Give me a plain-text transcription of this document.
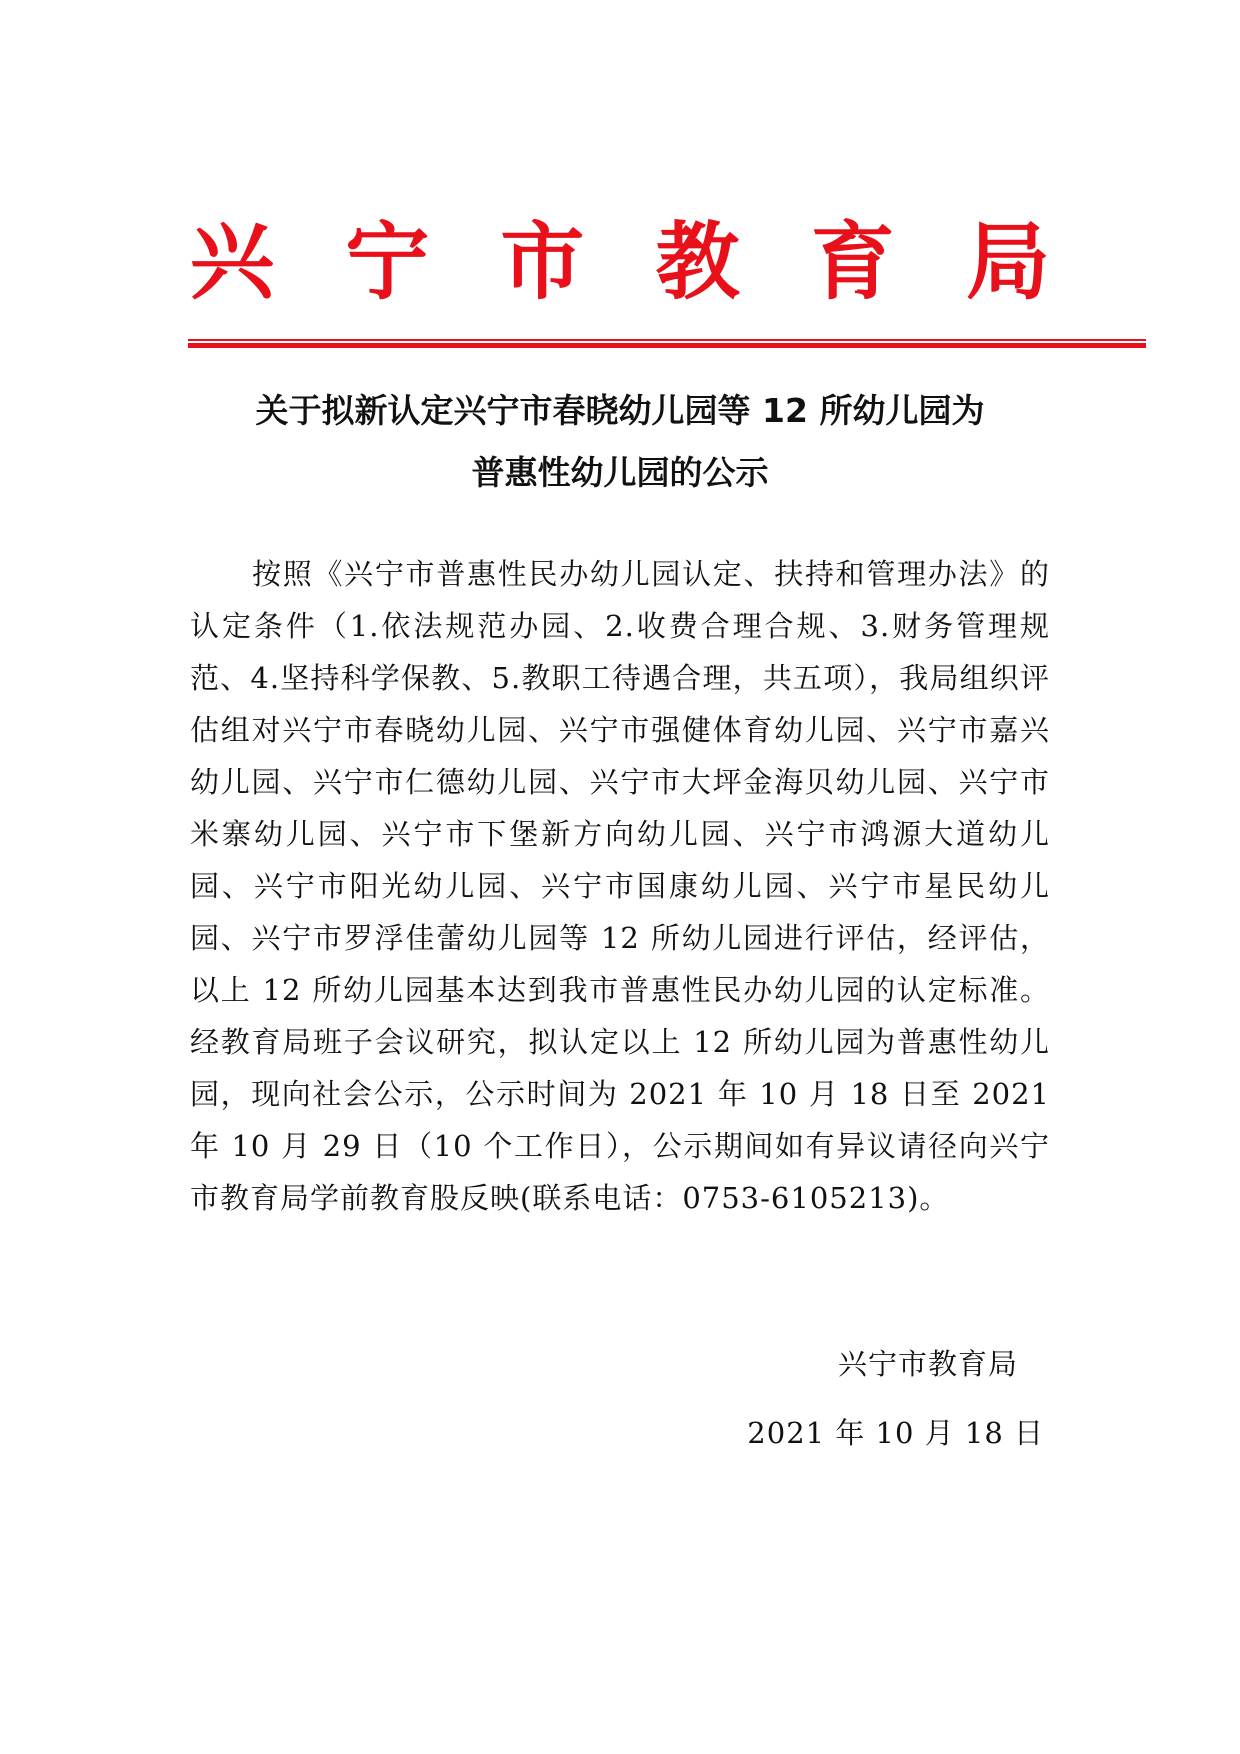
兴 宁 市 教 育 局
关于拟新认定兴宁市春晓幼儿园等 12 所幼儿园为
普惠性幼儿园的公示
按照《兴宁市普惠性民办幼儿园认定、扶持和管理办法》的认定条件（1.依法规范办园、2.收费合理合规、3.财务管理规范、4.坚持科学保教、5.教职工待遇合理，共五项），我局组织评估组对兴宁市春晓幼儿园、兴宁市强健体育幼儿园、兴宁市嘉兴幼儿园、兴宁市仁德幼儿园、兴宁市大坪金海贝幼儿园、兴宁市米寨幼儿园、兴宁市下堡新方向幼儿园、兴宁市鸿源大道幼儿园、兴宁市阳光幼儿园、兴宁市国康幼儿园、兴宁市星民幼儿园、兴宁市罗浮佳蕾幼儿园等 12 所幼儿园进行评估，经评估，以上 12 所幼儿园基本达到我市普惠性民办幼儿园的认定标准。经教育局班子会议研究，拟认定以上 12 所幼儿园为普惠性幼儿园，现向社会公示，公示时间为 2021 年 10 月 18 日至 2021 年 10 月 29 日（10 个工作日），公示期间如有异议请径向兴宁市教育局学前教育股反映(联系电话：0753-6105213)。
兴宁市教育局
2021 年 10 月 18 日
